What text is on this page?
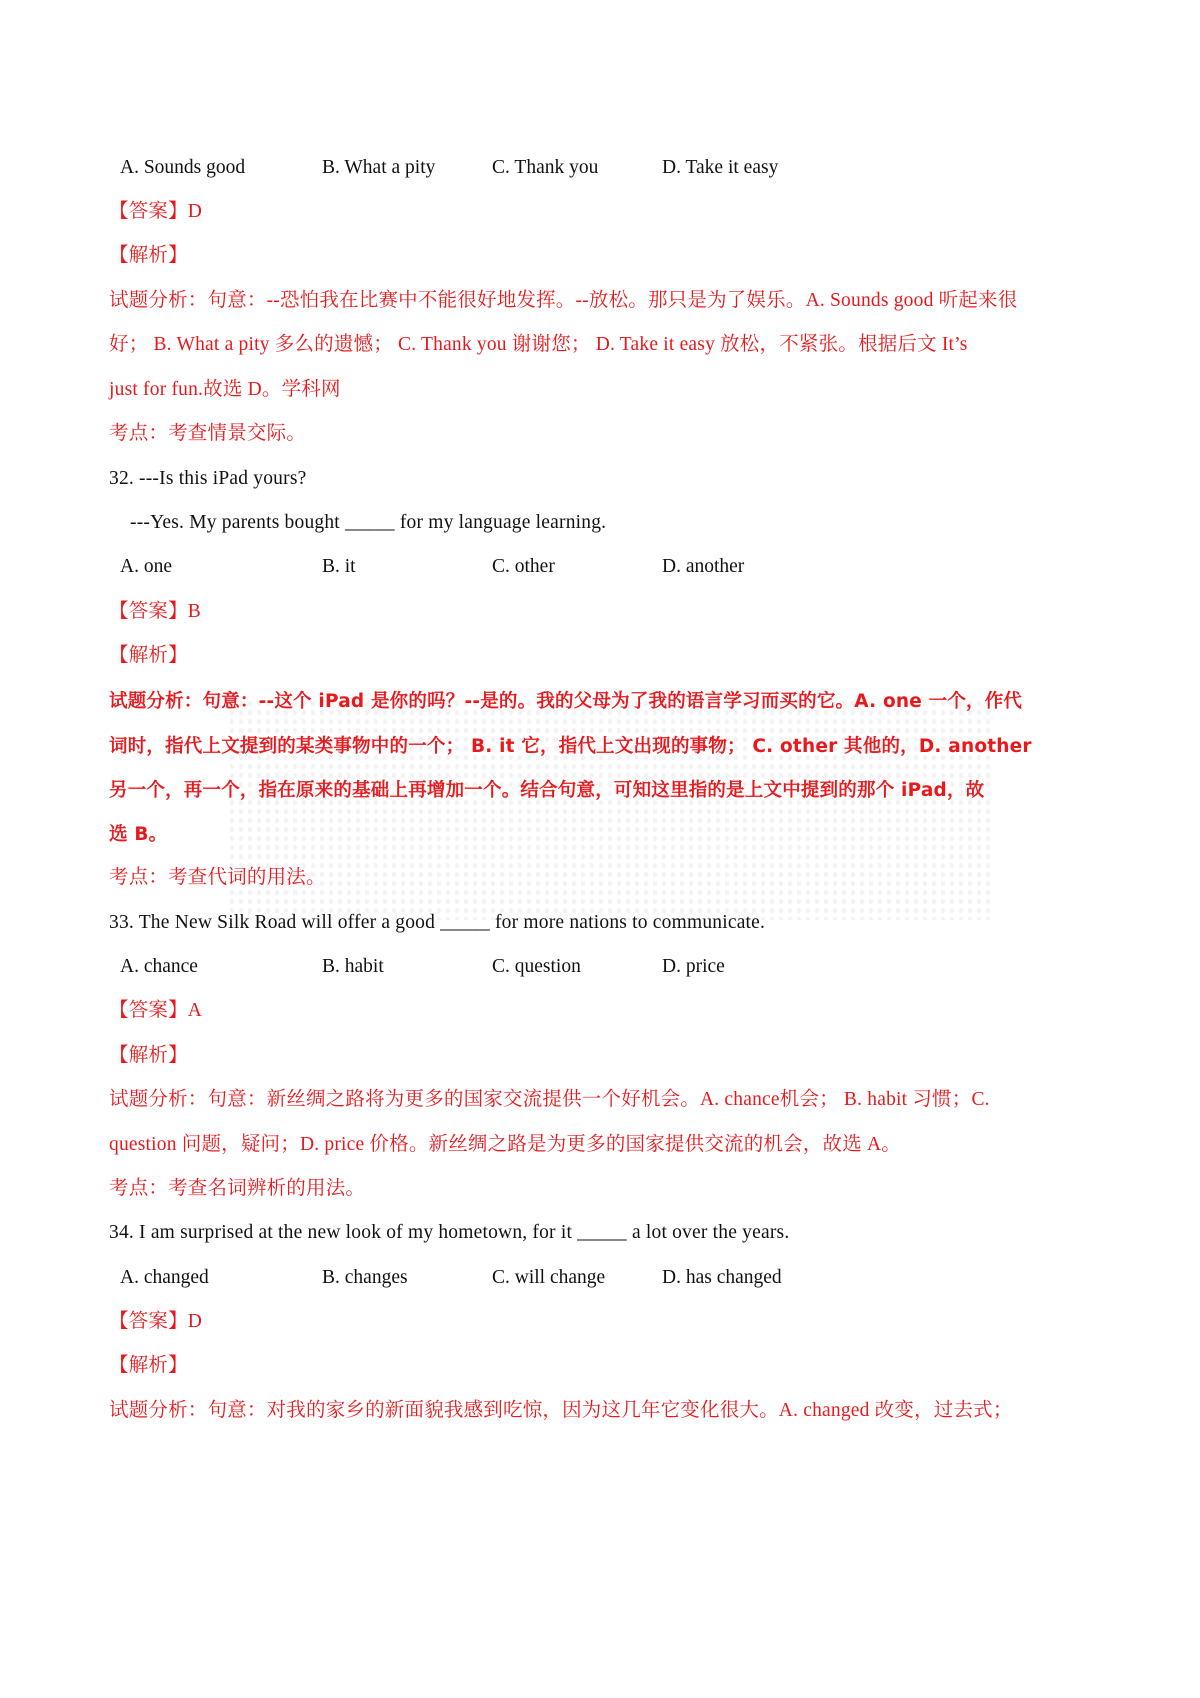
A. Sounds good	B. What a pity	C. Thank you	D. Take it easy
【答案】D
【解析】
试题分析：句意：--恐怕我在比赛中不能很好地发挥。--放松。那只是为了娱乐。A. Sounds good 听起来很
好； B. What a pity 多么的遗憾； C. Thank you 谢谢您； D. Take it easy 放松，不紧张。根据后文 It’s
just for fun.故选 D。学科网
考点：考查情景交际。
32. ---Is this iPad yours?
---Yes. My parents bought _____ for my language learning.
A. one	B. it	C. other	D. another
【答案】B
【解析】
试题分析：句意：--这个 iPad 是你的吗？--是的。我的父母为了我的语言学习而买的它。A. one 一个，作代
词时，指代上文提到的某类事物中的一个； B. it 它，指代上文出现的事物； C. other 其他的，D. another
另一个，再一个，指在原来的基础上再增加一个。结合句意，可知这里指的是上文中提到的那个 iPad，故
选 B。
考点：考查代词的用法。
33. The New Silk Road will offer a good _____ for more nations to communicate.
A. chance	B. habit	C. question	D. price
【答案】A
【解析】
试题分析：句意：新丝绸之路将为更多的国家交流提供一个好机会。A. chance机会； B. habit 习惯；C.
question 问题，疑问；D. price 价格。新丝绸之路是为更多的国家提供交流的机会，故选 A。
考点：考查名词辨析的用法。
34. I am surprised at the new look of my hometown, for it _____ a lot over the years.
A. changed	B. changes	C. will change	D. has changed
【答案】D
【解析】
试题分析：句意：对我的家乡的新面貌我感到吃惊，因为这几年它变化很大。A. changed 改变，过去式；
